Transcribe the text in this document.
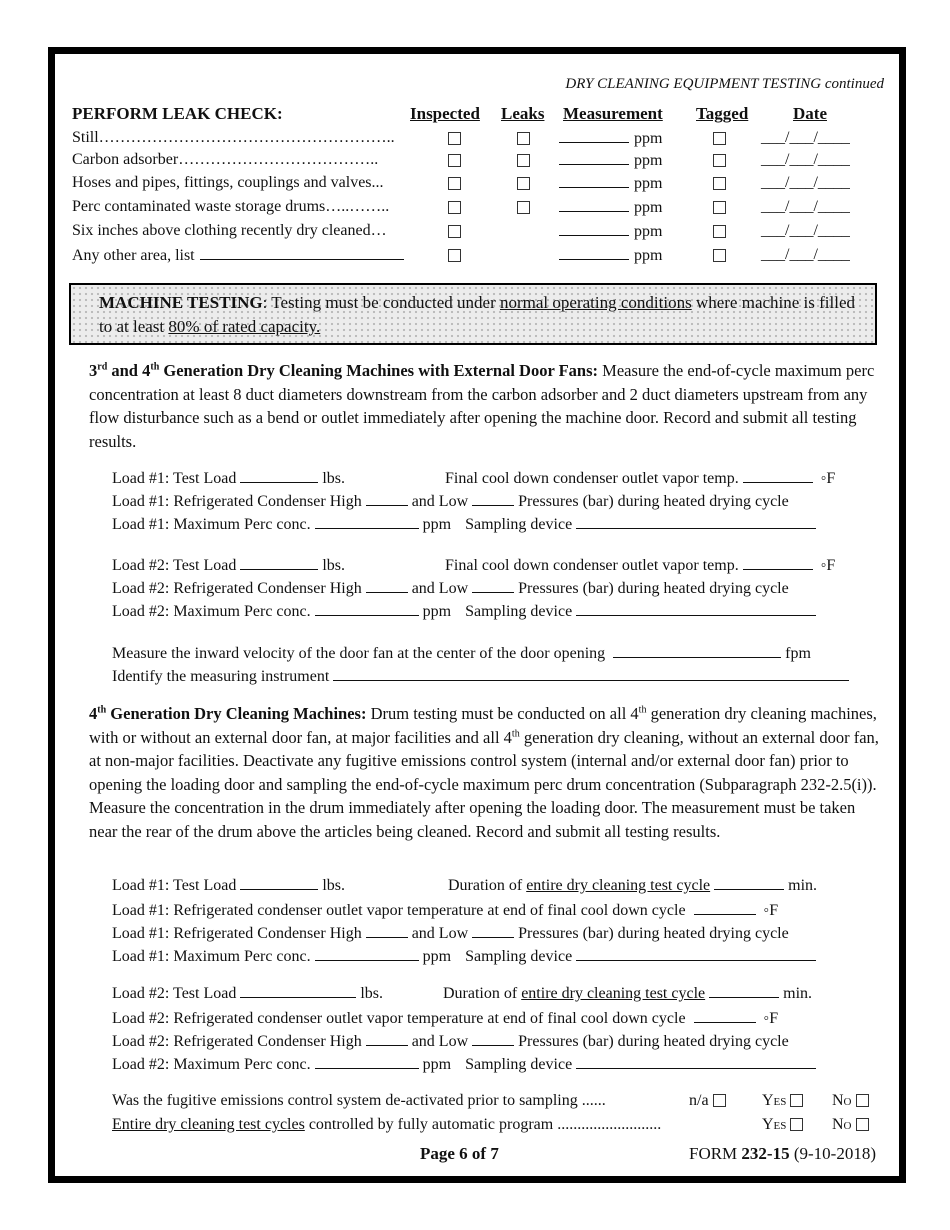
DRY CLEANING EQUIPMENT TESTING continued
PERFORM LEAK CHECK:	Inspected Leaks Measurement Tagged	Date
Still………………………………………………..	ppm	___/___/____
Carbon adsorber………………………………..	ppm	___/___/____
Hoses and pipes, fittings, couplings and valves...	ppm	___/___/____
Perc contaminated waste storage drums…..……..	ppm	___/___/____
Six inches above clothing recently dry cleaned…	ppm	___/___/____
Any other area, list	ppm	___/___/____
MACHINE TESTING: Testing must be conducted under normal operating conditions where machine is filled to at least 80% of rated capacity.
3rd and 4th Generation Dry Cleaning Machines with External Door Fans: Measure the end-of-cycle maximum perc concentration at least 8 duct diameters downstream from the carbon adsorber and 2 duct diameters upstream from any flow disturbance such as a bend or outlet immediately after opening the machine door. Record and submit all testing results.
Load #1: Test Load	lbs.	Final cool down condenser outlet vapor temp.	◦F
Load #1: Refrigerated Condenser High	and Low	Pressures (bar) during heated drying cycle
Load #1: Maximum Perc conc.	ppm Sampling device
Load #2: Test Load	lbs.	Final cool down condenser outlet vapor temp.	◦F
Load #2: Refrigerated Condenser High	and Low	Pressures (bar) during heated drying cycle
Load #2: Maximum Perc conc.	ppm Sampling device
Measure the inward velocity of the door fan at the center of the door opening	fpm
Identify the measuring instrument
4th Generation Dry Cleaning Machines: Drum testing must be conducted on all 4th generation dry cleaning machines, with or without an external door fan, at major facilities and all 4th generation dry cleaning, without an external door fan, at non-major facilities. Deactivate any fugitive emissions control system (internal and/or external door fan) prior to opening the loading door and sampling the end-of-cycle maximum perc drum concentration (Subparagraph 232-2.5(i)). Measure the concentration in the drum immediately after opening the loading door. The measurement must be taken near the rear of the drum above the articles being cleaned. Record and submit all testing results.
Load #1: Test Load	lbs.	Duration of entire dry cleaning test cycle	min.
Load #1: Refrigerated condenser outlet vapor temperature at end of final cool down cycle	◦F
Load #1: Refrigerated Condenser High	and Low	Pressures (bar) during heated drying cycle
Load #1: Maximum Perc conc.	ppm Sampling device
Load #2: Test Load	lbs.	Duration of entire dry cleaning test cycle	min.
Load #2: Refrigerated condenser outlet vapor temperature at end of final cool down cycle	◦F
Load #2: Refrigerated Condenser High	and Low	Pressures (bar) during heated drying cycle
Load #2: Maximum Perc conc.	ppm Sampling device
Was the fugitive emissions control system de-activated prior to sampling ......	n/a	Yes	No
Entire dry cleaning test cycles controlled by fully automatic program ..........................	Yes	No
Page 6 of 7	FORM 232-15 (9-10-2018)
